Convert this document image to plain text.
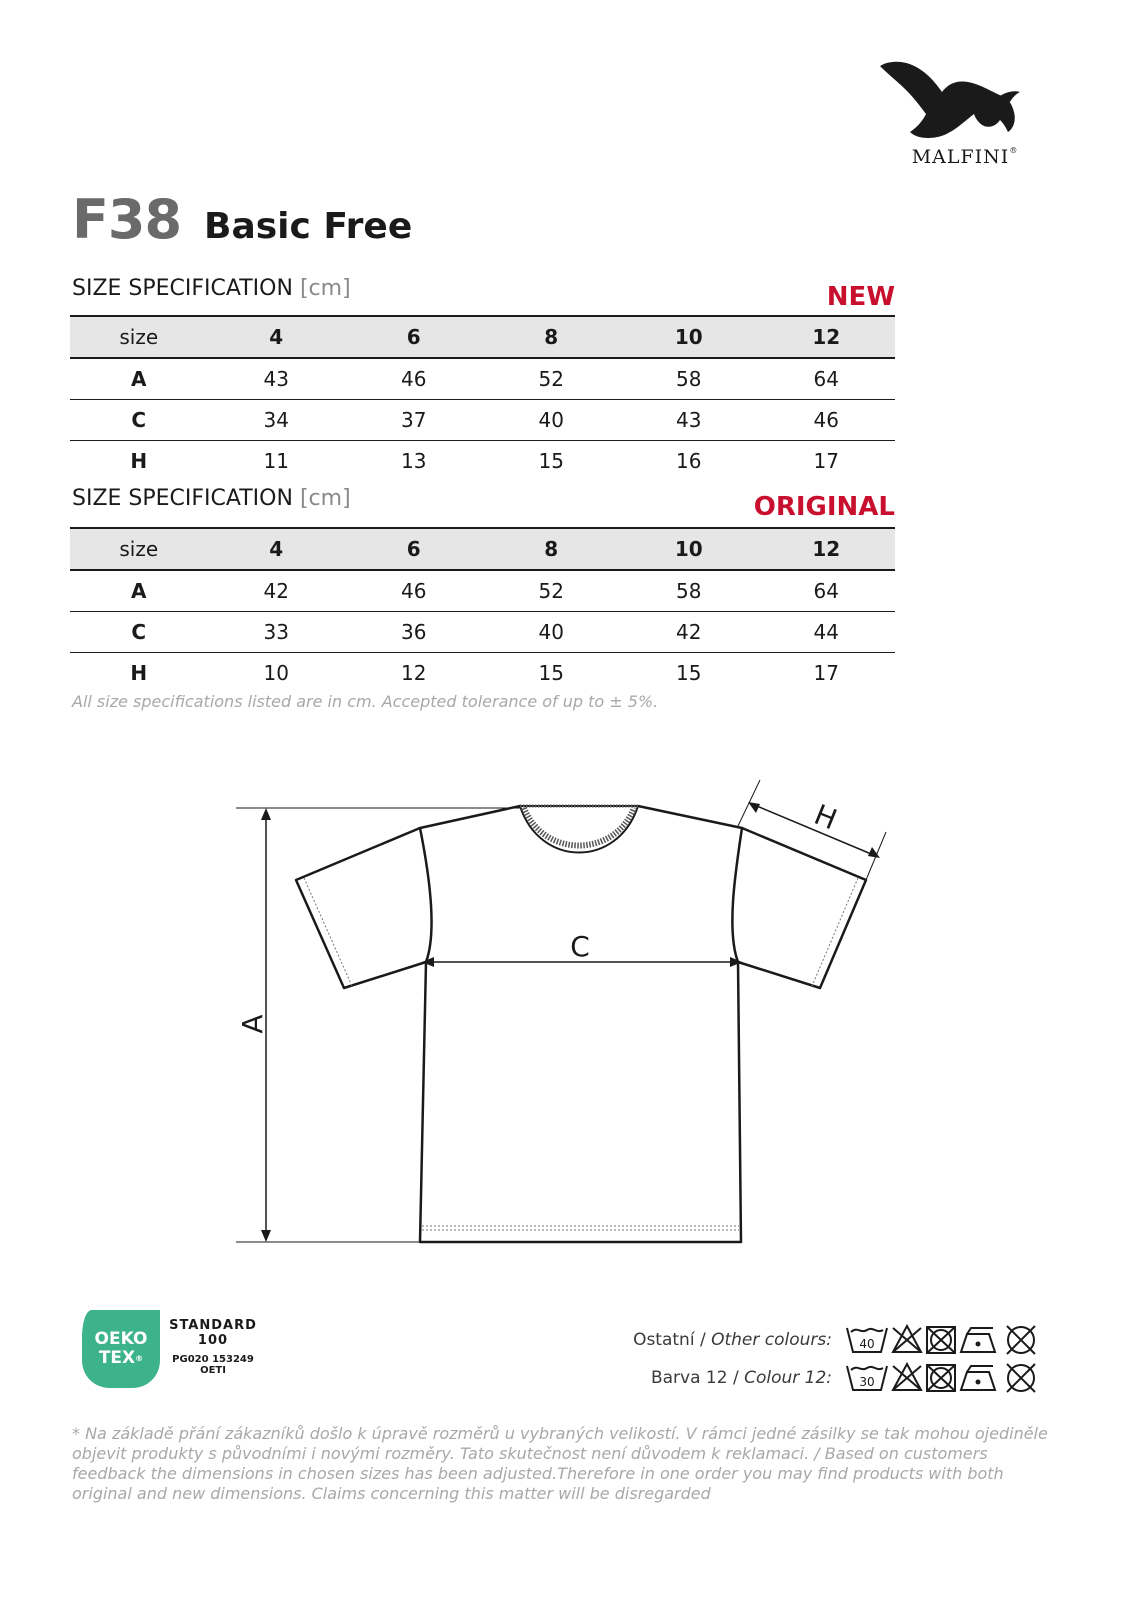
MALFINI®
F38 Basic Free
SIZE SPECIFICATION [cm]	NEW
size	4	6	8	10	12
A	43	46	52	58	64
C	34	37	40	43	46
H	11	13	15	16	17
SIZE SPECIFICATION [cm]	ORIGINAL
size	4	6	8	10	12
A	42	46	52	58	64
C	33	36	40	42	44
H	10	12	15	15	17
All size specifications listed are in cm. Accepted tolerance of up to ± 5%.
A
C
H
OEKO
TEX®
STANDARD
100
PG020 153249
OETI
Ostatní / Other colours:
Barva 12 / Colour 12:
40
30
* Na základě přání zákazníků došlo k úpravě rozměrů u vybraných velikostí. V rámci jedné zásilky se tak mohou ojediněle objevit produkty s původními i novými rozměry. Tato skutečnost není důvodem k reklamaci. / Based on customers feedback the dimensions in chosen sizes has been adjusted.Therefore in one order you may find products with both original and new dimensions. Claims concerning this matter will be disregarded
